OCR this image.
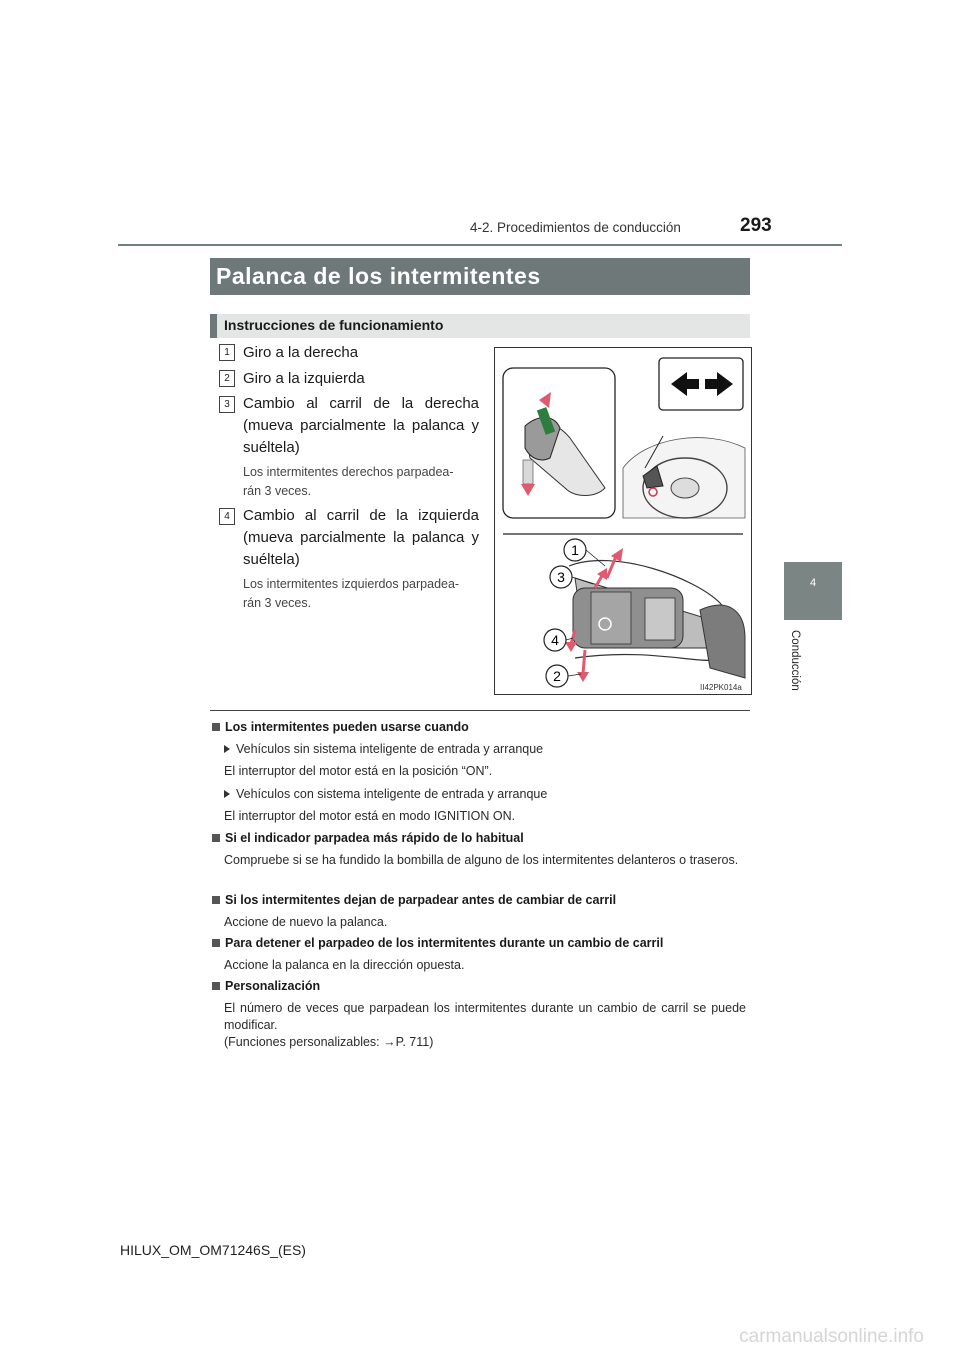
4-2. Procedimientos de conducción	293
4
Conducción
Palanca de los intermitentes
Instrucciones de funcionamiento
1 Giro a la derecha
2 Giro a la izquierda
3 Cambio al carril de la derecha
(mueva parcialmente la palanca y
suéltela)
Los intermitentes derechos parpadea-
rán 3 veces.
4 Cambio al carril de la izquierda
(mueva parcialmente la palanca y
suéltela)
Los intermitentes izquierdos parpadea-
rán 3 veces.
1
3
4
2
II42PK014a
Los intermitentes pueden usarse cuando
Vehículos sin sistema inteligente de entrada y arranque
El interruptor del motor está en la posición “ON”.
Vehículos con sistema inteligente de entrada y arranque
El interruptor del motor está en modo IGNITION ON.
Si el indicador parpadea más rápido de lo habitual
Compruebe si se ha fundido la bombilla de alguno de los intermitentes delanteros o traseros.
Si los intermitentes dejan de parpadear antes de cambiar de carril
Accione de nuevo la palanca.
Para detener el parpadeo de los intermitentes durante un cambio de carril
Accione la palanca en la dirección opuesta.
Personalización
El número de veces que parpadean los intermitentes durante un cambio de carril se puede modificar.
(Funciones personalizables: →P. 711)
HILUX_OM_OM71246S_(ES)
carmanualsonline.info
